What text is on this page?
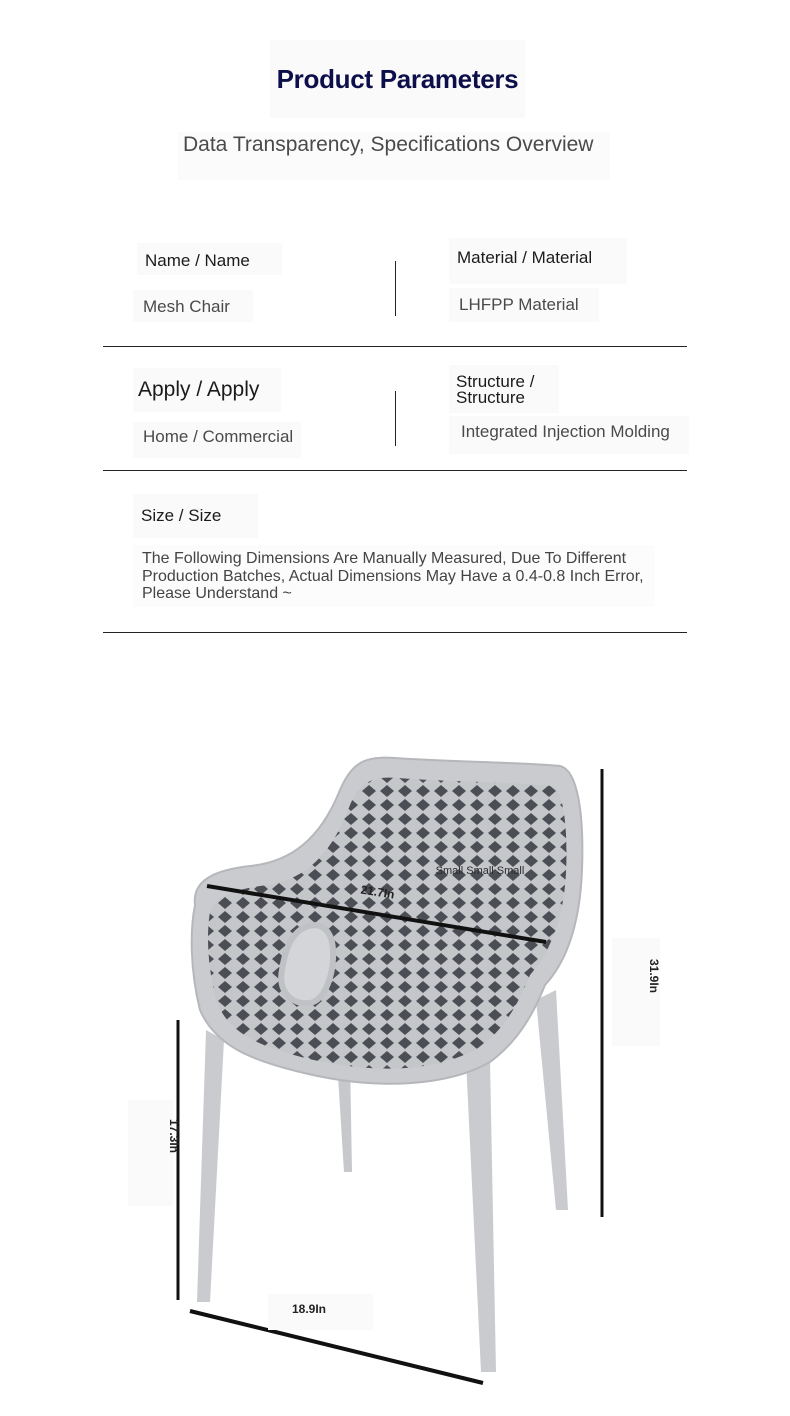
Product Parameters
Data Transparency, Specifications Overview
Name / Name
Mesh Chair
Material / Material
LHFPP Material
Apply / Apply
Home / Commercial
Structure / Structure
Integrated Injection Molding
Size / Size
The Following Dimensions Are Manually Measured, Due To Different Production Batches, Actual Dimensions May Have a 0.4-0.8 Inch Error, Please Understand ~
21.7In
31.9In
17.3In
18.9In
Small Small Small
